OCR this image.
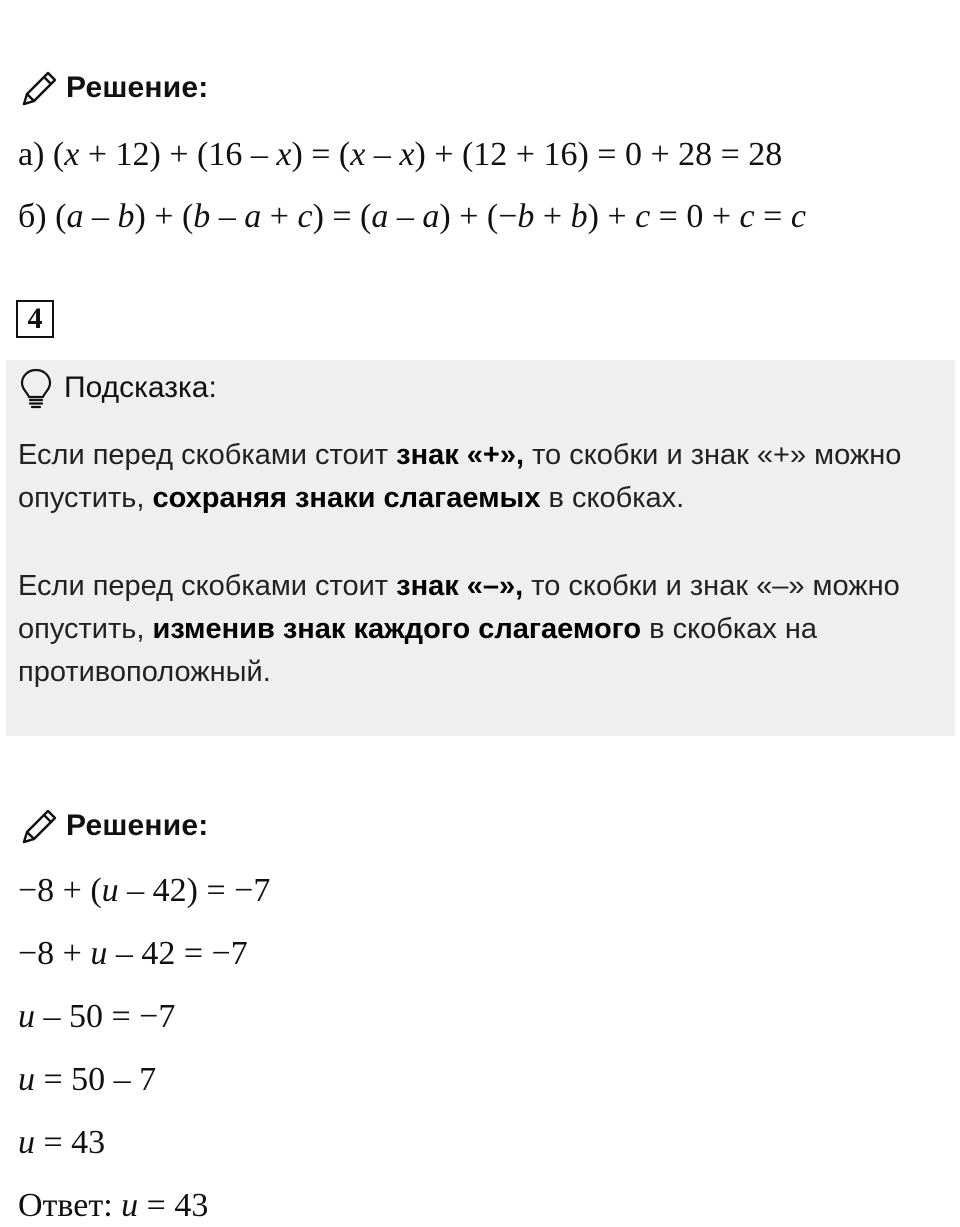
Решение:
а) (x + 12) + (16 – x) = (x – x) + (12 + 16) = 0 + 28 = 28
б) (a – b) + (b – a + c) = (a – a) + (−b + b) + c = 0 + c = c
4
Подсказка:
Если перед скобками стоит знак «+», то скобки и знак «+» можно опустить, сохраняя знаки слагаемых в скобках.
Если перед скобками стоит знак «–», то скобки и знак «–» можно опустить, изменив знак каждого слагаемого в скобках на противоположный.
Решение:
−8 + (u – 42) = −7
−8 + u – 42 = −7
u – 50 = −7
u = 50 – 7
u = 43
Ответ: u = 43
